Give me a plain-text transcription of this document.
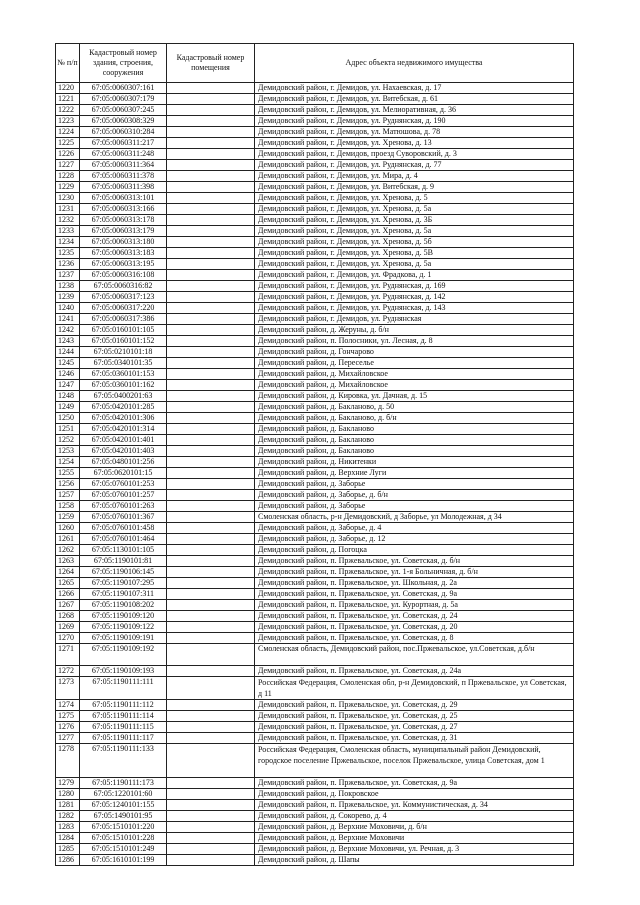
№ п/п	Кадастровый номер здания, строения, сооружения	Кадастровый номер помещения	Адрес объекта недвижимого имущества
1220	67:05:0060307:161		Демидовский район, г. Демидов, ул. Нахаевская, д. 17
1221	67:05:0060307:179		Демидовский район, г. Демидов, ул. Витебская, д. 61
1222	67:05:0060307:245		Демидовский район, г. Демидов, ул. Мелиоративная, д. 36
1223	67:05:0060308:329		Демидовский район, г. Демидов, ул. Руднянская, д. 190
1224	67:05:0060310:284		Демидовский район, г. Демидов, ул. Матюшова, д. 78
1225	67:05:0060311:217		Демидовский район, г. Демидов, ул. Хренова, д. 13
1226	67:05:0060311:248		Демидовский район, г. Демидов, проезд Суворовский, д. 3
1227	67:05:0060311:364		Демидовский район, г. Демидов, ул. Руднянская, д. 77
1228	67:05:0060311:378		Демидовский район, г. Демидов, ул. Мира, д. 4
1229	67:05:0060311:398		Демидовский район, г. Демидов, ул. Витебская, д. 9
1230	67:05:0060313:101		Демидовский район, г. Демидов, ул. Хренова, д. 5
1231	67:05:0060313:166		Демидовский район, г. Демидов, ул. Хренова, д. 5а
1232	67:05:0060313:178		Демидовский район, г. Демидов, ул. Хренова, д. 3Б
1233	67:05:0060313:179		Демидовский район, г. Демидов, ул. Хренова, д. 5а
1234	67:05:0060313:180		Демидовский район, г. Демидов, ул. Хренова, д. 5б
1235	67:05:0060313:183		Демидовский район, г. Демидов, ул. Хренова, д. 5В
1236	67:05:0060313:195		Демидовский район, г. Демидов, ул. Хренова, д. 5а
1237	67:05:0060316:108		Демидовский район, г. Демидов, ул. Фрадкова, д. 1
1238	67:05:0060316:82		Демидовский район, г. Демидов, ул. Руднянская, д. 169
1239	67:05:0060317:123		Демидовский район, г. Демидов, ул. Руднянская, д. 142
1240	67:05:0060317:220		Демидовский район, г. Демидов, ул. Руднянская, д. 143
1241	67:05:0060317:386		Демидовский район, г. Демидов, ул. Руднянская
1242	67:05:0160101:105		Демидовский район, д. Жеруны, д. б/н
1243	67:05:0160101:152		Демидовский район, п. Полосники, ул. Лесная, д. 8
1244	67:05:0210101:18		Демидовский район, д. Гончарово
1245	67:05:0340101:35		Демидовский район, д. Переселье
1246	67:05:0360101:153		Демидовский район, д. Михайловское
1247	67:05:0360101:162		Демидовский район, д. Михайловское
1248	67:05:0400201:63		Демидовский район, д. Кировка, ул. Дачная, д. 15
1249	67:05:0420101:285		Демидовский район, д. Бакланово, д. 50
1250	67:05:0420101:306		Демидовский район, д. Бакланово, д. б/н
1251	67:05:0420101:314		Демидовский район, д. Бакланово
1252	67:05:0420101:401		Демидовский район, д. Бакланово
1253	67:05:0420101:403		Демидовский район, д. Бакланово
1254	67:05:0480101:256		Демидовский район, д. Никитенки
1255	67:05:0620101:15		Демидовский район, д. Верхние Луги
1256	67:05:0760101:253		Демидовский район, д. Заборье
1257	67:05:0760101:257		Демидовский район, д. Заборье, д. б/н
1258	67:05:0760101:263		Демидовский район, д. Заборье
1259	67:05:0760101:367		Смоленская область, р-н Демидовский, д Заборье, ул Молодежная, д 34
1260	67:05:0760101:458		Демидовский район, д. Заборье, д. 4
1261	67:05:0760101:464		Демидовский район, д. Заборье, д. 12
1262	67:05:1130101:105		Демидовский район, д. Погоцка
1263	67:05:1190101:81		Демидовский район, п. Пржевальское, ул. Советская, д. б/н
1264	67:05:1190106:145		Демидовский район, п. Пржевальское, ул. 1-я Больничная, д. б/н
1265	67:05:1190107:295		Демидовский район, п. Пржевальское, ул. Школьная, д. 2а
1266	67:05:1190107:311		Демидовский район, п. Пржевальское, ул. Советская, д. 9а
1267	67:05:1190108:202		Демидовский район, п. Пржевальское, ул. Курортная, д. 5а
1268	67:05:1190109:120		Демидовский район, п. Пржевальское, ул. Советская, д. 24
1269	67:05:1190109:122		Демидовский район, п. Пржевальское, ул. Советская, д. 20
1270	67:05:1190109:191		Демидовский район, п. Пржевальское, ул. Советская, д. 8
1271	67:05:1190109:192		Смоленская область, Демидовский район, пос.Пржевальское, ул.Советская, д.б/н
1272	67:05:1190109:193		Демидовский район, п. Пржевальское, ул. Советская, д. 24а
1273	67:05:1190111:111		Российская Федерация, Смоленская обл, р-н Демидовский, п Пржевальское, ул Советская, д 11
1274	67:05:1190111:112		Демидовский район, п. Пржевальское, ул. Советская, д. 29
1275	67:05:1190111:114		Демидовский район, п. Пржевальское, ул. Советская, д. 25
1276	67:05:1190111:115		Демидовский район, п. Пржевальское, ул. Советская, д. 27
1277	67:05:1190111:117		Демидовский район, п. Пржевальское, ул. Советская, д. 31
1278	67:05:1190111:133		Российская Федерация, Смоленская область, муниципальный район Демидовский, городское поселение Пржевальское, поселок Пржевальское, улица Советская, дом 1
1279	67:05:1190111:173		Демидовский район, п. Пржевальское, ул. Советская, д. 9а
1280	67:05:1220101:60		Демидовский район, д. Покровское
1281	67:05:1240101:155		Демидовский район, п. Пржевальское, ул. Коммунистическая, д. 34
1282	67:05:1490101:95		Демидовский район, д. Сокорево, д. 4
1283	67:05:1510101:220		Демидовский район, д. Верхние Моховичи, д. б/н
1284	67:05:1510101:228		Демидовский район, д. Верхние Моховичи
1285	67:05:1510101:249		Демидовский район, д. Верхние Моховичи, ул. Речная, д. 3
1286	67:05:1610101:199		Демидовский район, д. Шапы
